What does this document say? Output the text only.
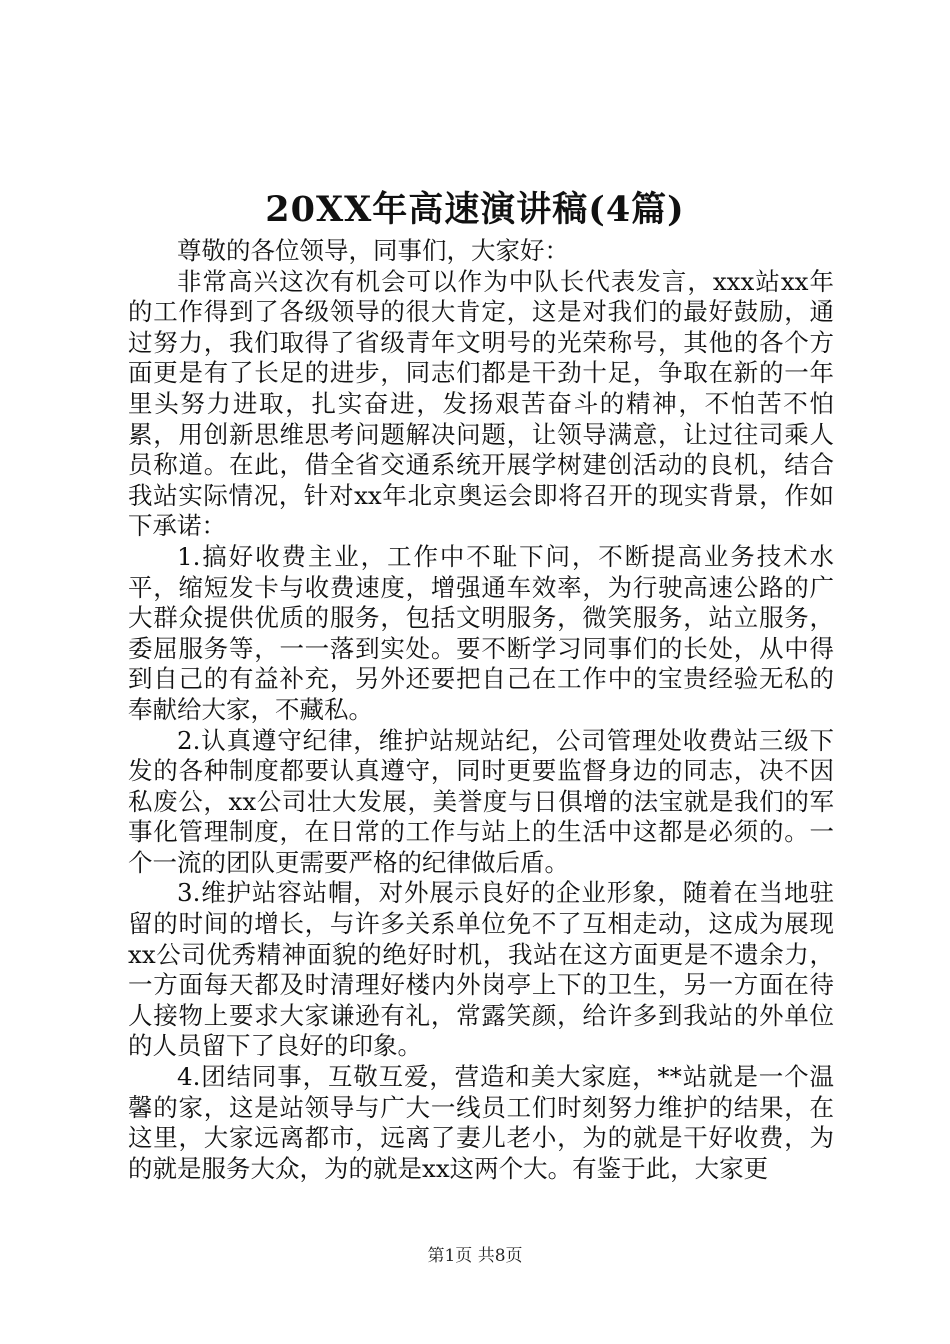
20XX年高速演讲稿(4篇)

尊敬的各位领导，同事们，大家好：

非常高兴这次有机会可以作为中队长代表发言，xxx站xx年的工作得到了各级领导的很大肯定，这是对我们的最好鼓励，通过努力，我们取得了省级青年文明号的光荣称号，其他的各个方面更是有了长足的进步，同志们都是干劲十足，争取在新的一年里头努力进取，扎实奋进，发扬艰苦奋斗的精神，不怕苦不怕累，用创新思维思考问题解决问题，让领导满意，让过往司乘人员称道。在此，借全省交通系统开展学树建创活动的良机，结合我站实际情况，针对xx年北京奥运会即将召开的现实背景，作如下承诺：

1.搞好收费主业，工作中不耻下问，不断提高业务技术水平，缩短发卡与收费速度，增强通车效率，为行驶高速公路的广大群众提供优质的服务，包括文明服务，微笑服务，站立服务，委屈服务等，一一落到实处。要不断学习同事们的长处，从中得到自己的有益补充，另外还要把自己在工作中的宝贵经验无私的奉献给大家，不藏私。

2.认真遵守纪律，维护站规站纪，公司管理处收费站三级下发的各种制度都要认真遵守，同时更要监督身边的同志，决不因私废公，xx公司壮大发展，美誉度与日俱增的法宝就是我们的军事化管理制度，在日常的工作与站上的生活中这都是必须的。一个一流的团队更需要严格的纪律做后盾。

3.维护站容站帽，对外展示良好的企业形象，随着在当地驻留的时间的增长，与许多关系单位免不了互相走动，这成为展现xx公司优秀精神面貌的绝好时机，我站在这方面更是不遗余力，一方面每天都及时清理好楼内外岗亭上下的卫生，另一方面在待人接物上要求大家谦逊有礼，常露笑颜，给许多到我站的外单位的人员留下了良好的印象。

4.团结同事，互敬互爱，营造和美大家庭，**站就是一个温馨的家，这是站领导与广大一线员工们时刻努力维护的结果，在这里，大家远离都市，远离了妻儿老小，为的就是干好收费，为的就是服务大众，为的就是xx这两个大。有鉴于此，大家更

第1页 共8页
